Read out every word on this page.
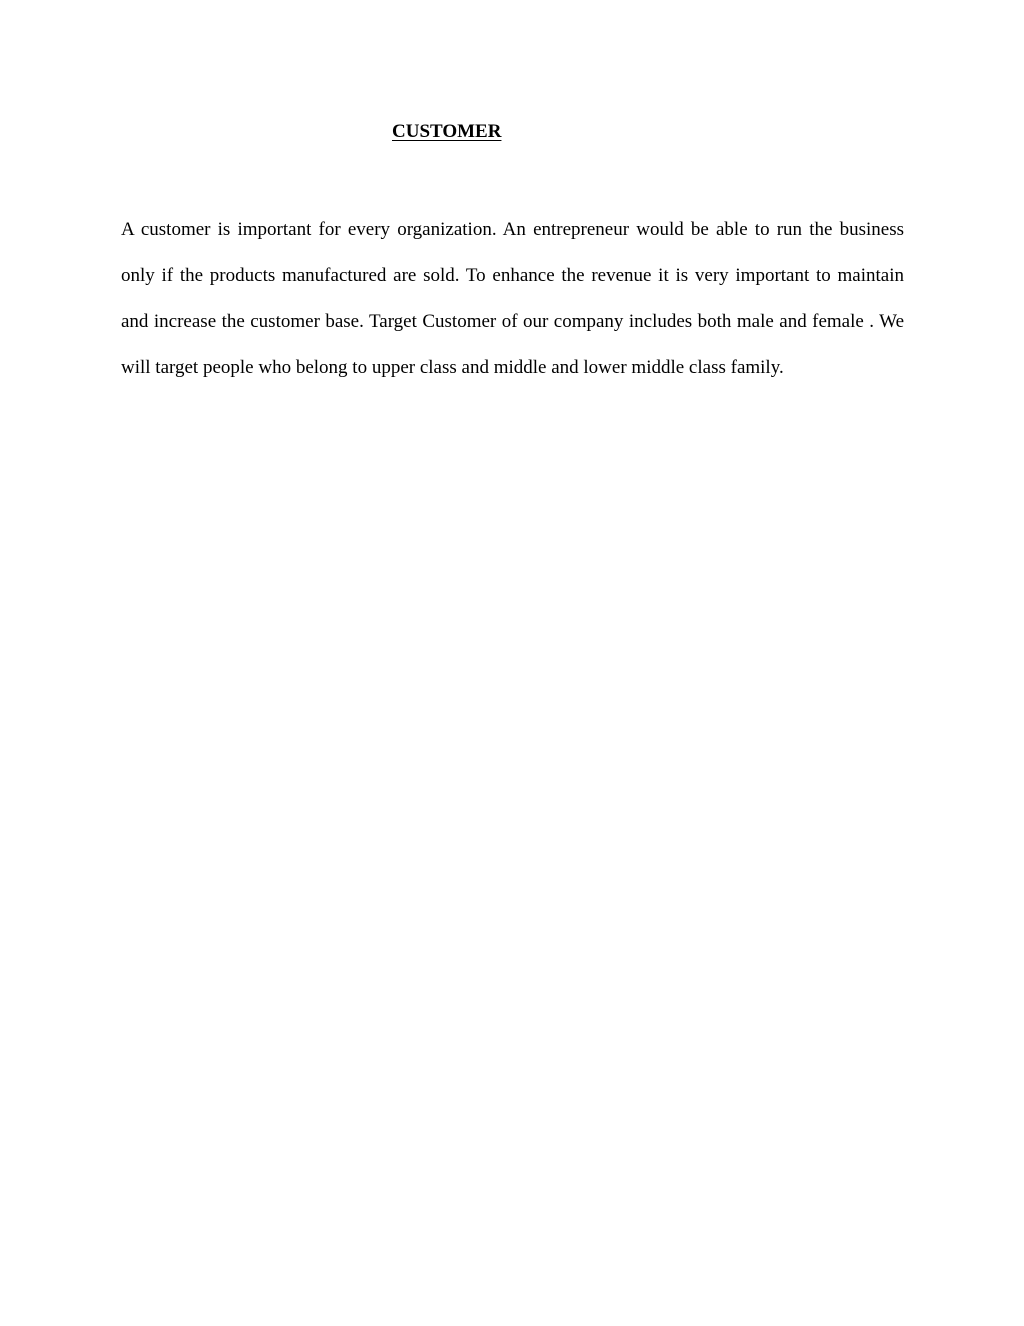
CUSTOMER

A customer is important for every organization. An entrepreneur would be able to run the business only if the products manufactured are sold. To enhance the revenue it is very important to maintain and increase the customer base. Target Customer of our company includes both male and female . We will target people who belong to upper class and middle and lower middle class family.
